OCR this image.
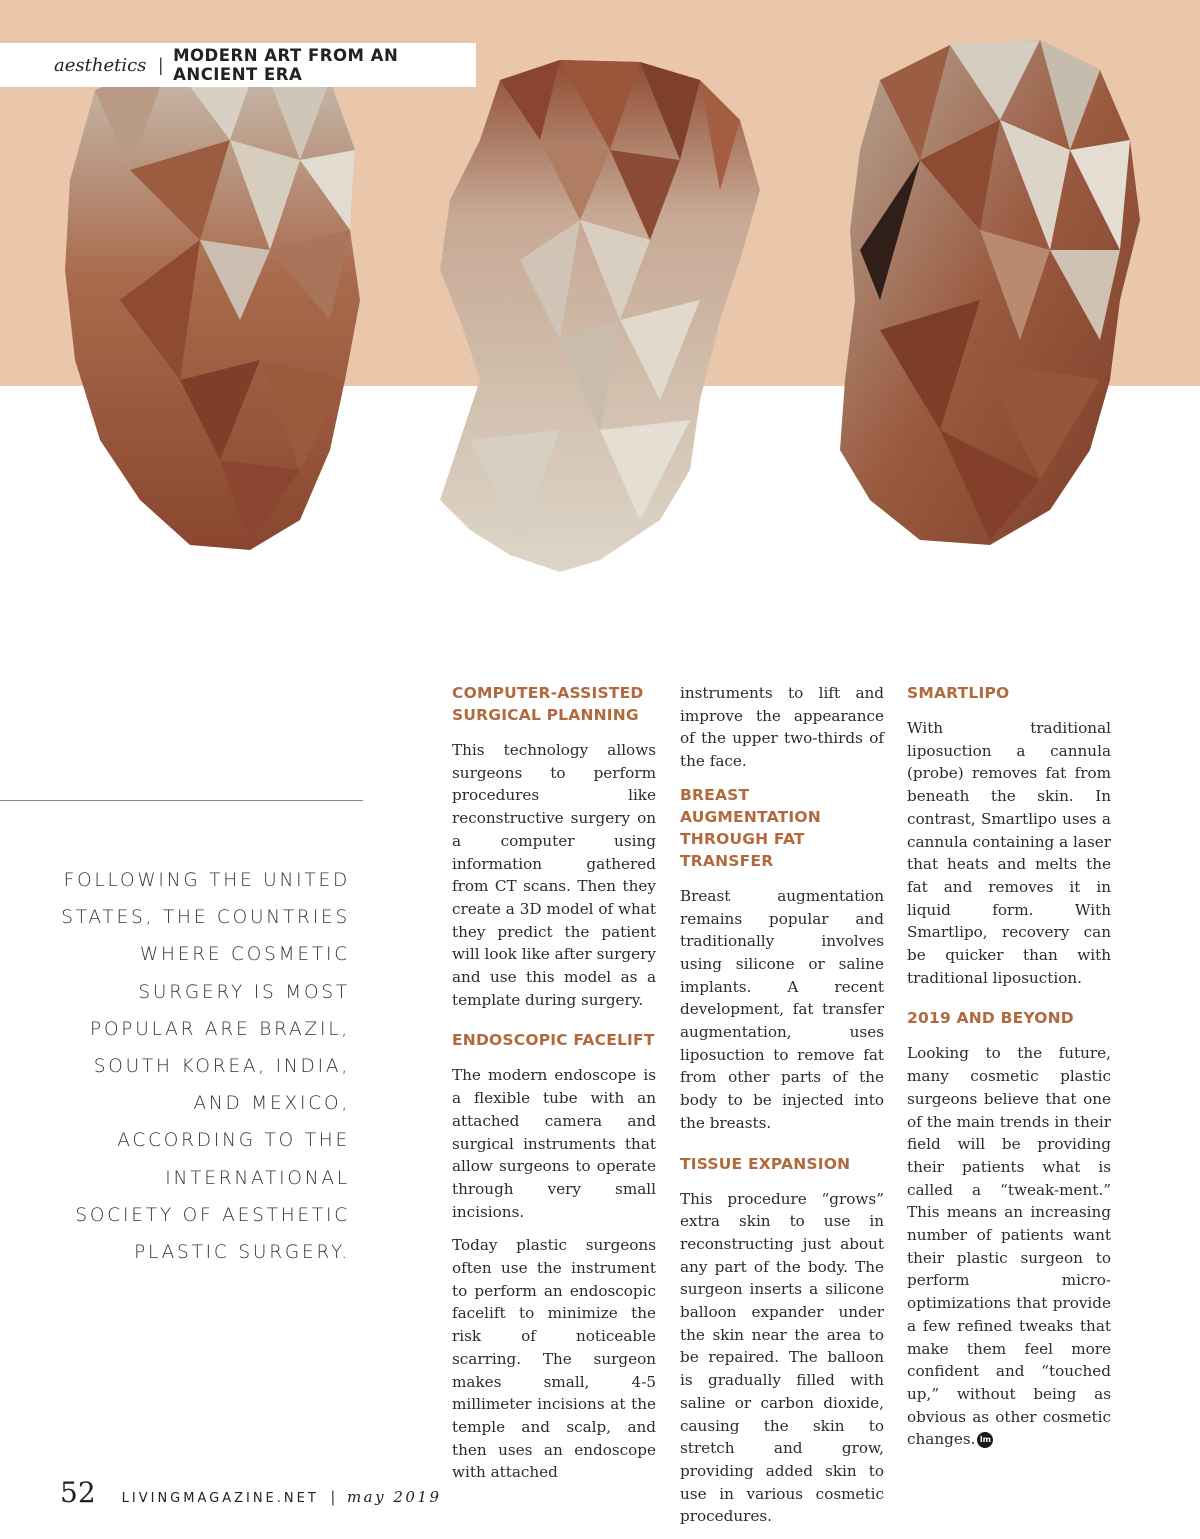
aesthetics | MODERN ART FROM AN ANCIENT ERA
FOLLOWING THE UNITED STATES, THE COUNTRIES WHERE COSMETIC SURGERY IS MOST POPULAR ARE BRAZIL, SOUTH KOREA, INDIA, AND MEXICO, ACCORDING TO THE INTERNATIONAL SOCIETY OF AESTHETIC PLASTIC SURGERY.
COMPUTER-ASSISTED SURGICAL PLANNING

This technology allows surgeons to perform procedures like reconstructive surgery on a computer using information gathered from CT scans. Then they create a 3D model of what they predict the patient will look like after surgery and use this model as a template during surgery.

ENDOSCOPIC FACELIFT

The modern endoscope is a flexible tube with an attached camera and surgical instruments that allow surgeons to operate through very small incisions.

Today plastic surgeons often use the instrument to perform an endoscopic facelift to minimize the risk of noticeable scarring. The surgeon makes small, 4-5 millimeter incisions at the temple and scalp, and then uses an endoscope with attached

instruments to lift and improve the appearance of the upper two-thirds of the face.

BREAST AUGMENTATION THROUGH FAT TRANSFER

Breast augmentation remains popular and traditionally involves using silicone or saline implants. A recent development, fat transfer augmentation, uses liposuction to remove fat from other parts of the body to be injected into the breasts.

TISSUE EXPANSION

This procedure “grows” extra skin to use in reconstructing just about any part of the body. The surgeon inserts a silicone balloon expander under the skin near the area to be repaired. The balloon is gradually filled with saline or carbon dioxide, causing the skin to stretch and grow, providing added skin to use in various cosmetic procedures.

SMARTLIPO

With traditional liposuction a cannula (probe) removes fat from beneath the skin. In contrast, Smartlipo uses a cannula containing a laser that heats and melts the fat and removes it in liquid form. With Smartlipo, recovery can be quicker than with traditional liposuction.

2019 AND BEYOND

Looking to the future, many cosmetic plastic surgeons believe that one of the main trends in their field will be providing their patients what is called a “tweak-ment.” This means an increasing number of patients want their plastic surgeon to perform micro-optimizations that provide a few refined tweaks that make them feel more confident and “touched up,” without being as obvious as other cosmetic changes. lm

52 LIVINGMAGAZINE.NET | may 2019
